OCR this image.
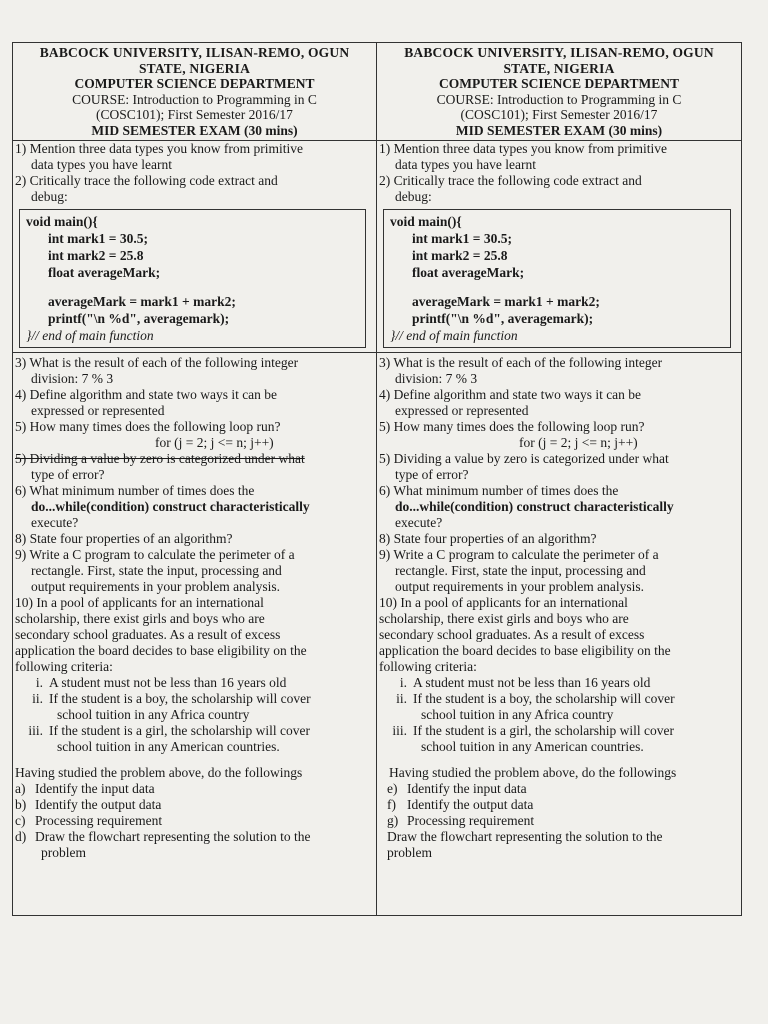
BABCOCK UNIVERSITY, ILISAN-REMO, OGUN STATE, NIGERIA
COMPUTER SCIENCE DEPARTMENT
COURSE: Introduction to Programming in C
(COSC101); First Semester 2016/17
MID SEMESTER EXAM (30 mins)
1) Mention three data types you know from primitive
data types you have learnt
2) Critically trace the following code extract and
debug:
void main(){
int mark1 = 30.5;
int mark2 = 25.8
float averageMark;
averageMark = mark1 + mark2;
printf("\n %d", averagemark);
}// end of main function
3) What is the result of each of the following integer
division: 7 % 3
4) Define algorithm and state two ways it can be
expressed or represented
5) How many times does the following loop run?
for (j = 2; j <= n; j++)
5) Dividing a value by zero is categorized under what
type of error?
6) What minimum number of times does the
do...while(condition) construct characteristically
execute?
8) State four properties of an algorithm?
9) Write a C program to calculate the perimeter of a
rectangle. First, state the input, processing and
output requirements in your problem analysis.
10) In a pool of applicants for an international
scholarship, there exist girls and boys who are
secondary school graduates. As a result of excess
application the board decides to base eligibility on the
following criteria:
i. A student must not be less than 16 years old
ii. If the student is a boy, the scholarship will cover
school tuition in any Africa country
iii. If the student is a girl, the scholarship will cover
school tuition in any American countries.
Having studied the problem above, do the followings
a) Identify the input data
b) Identify the output data
c) Processing requirement
d) Draw the flowchart representing the solution to the
problem
BABCOCK UNIVERSITY, ILISAN-REMO, OGUN STATE, NIGERIA
COMPUTER SCIENCE DEPARTMENT
COURSE: Introduction to Programming in C
(COSC101); First Semester 2016/17
MID SEMESTER EXAM (30 mins)
1) Mention three data types you know from primitive
data types you have learnt
2) Critically trace the following code extract and
debug:
void main(){
int mark1 = 30.5;
int mark2 = 25.8
float averageMark;
averageMark = mark1 + mark2;
printf("\n %d", averagemark);
}// end of main function
3) What is the result of each of the following integer
division: 7 % 3
4) Define algorithm and state two ways it can be
expressed or represented
5) How many times does the following loop run?
for (j = 2; j <= n; j++)
5) Dividing a value by zero is categorized under what
type of error?
6) What minimum number of times does the
do...while(condition) construct characteristically
execute?
8) State four properties of an algorithm?
9) Write a C program to calculate the perimeter of a
rectangle. First, state the input, processing and
output requirements in your problem analysis.
10) In a pool of applicants for an international
scholarship, there exist girls and boys who are
secondary school graduates. As a result of excess
application the board decides to base eligibility on the
following criteria:
i. A student must not be less than 16 years old
ii. If the student is a boy, the scholarship will cover
school tuition in any Africa country
iii. If the student is a girl, the scholarship will cover
school tuition in any American countries.
Having studied the problem above, do the followings
e) Identify the input data
f) Identify the output data
g) Processing requirement
Draw the flowchart representing the solution to the
problem
